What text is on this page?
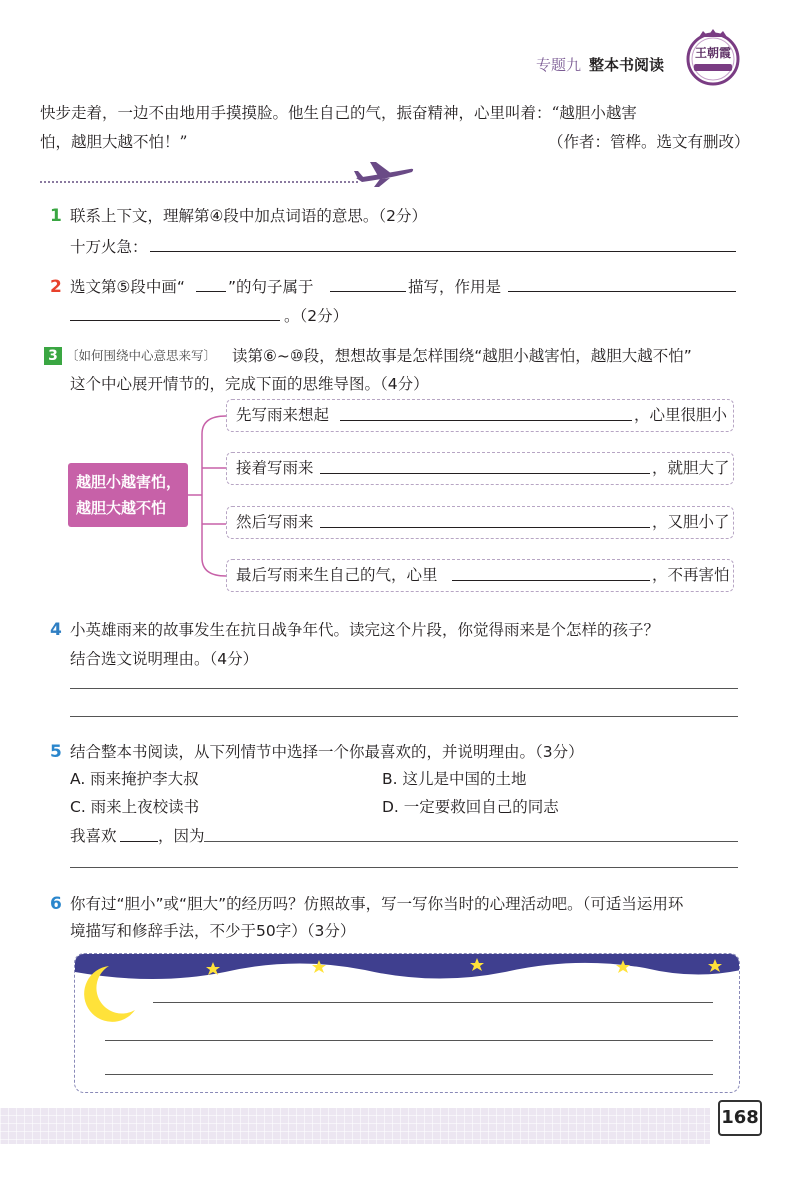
专题九 整本书阅读
王朝霞
快步走着，一边不由地用手摸摸脸。他生自己的气，振奋精神，心里叫着：“越胆小越害
怕，越胆大越不怕！”	（作者：管桦。选文有删改）
1 联系上下文，理解第④段中加点词语的意思。（2分）
十万火急：
2 选文第⑤段中画“	”的句子属于	描写，作用是
。（2分）
3 〔如何围绕中心意思来写〕 读第⑥~⑩段，想想故事是怎样围绕“越胆小越害怕，越胆大越不怕”
这个中心展开情节的，完成下面的思维导图。（4分）
越胆小越害怕，
越胆大越不怕
先写雨来想起	，心里很胆小
接着写雨来	，就胆大了
然后写雨来	，又胆小了
最后写雨来生自己的气，心里	，不再害怕
4 小英雄雨来的故事发生在抗日战争年代。读完这个片段，你觉得雨来是个怎样的孩子？
结合选文说明理由。（4分）
5 结合整本书阅读，从下列情节中选择一个你最喜欢的，并说明理由。（3分）
A. 雨来掩护李大叔	B. 这儿是中国的土地
C. 雨来上夜校读书	D. 一定要救回自己的同志
我喜欢	，因为
6 你有过“胆小”或“胆大”的经历吗？仿照故事，写一写你当时的心理活动吧。（可适当运用环
境描写和修辞手法，不少于50字）（3分）
168
